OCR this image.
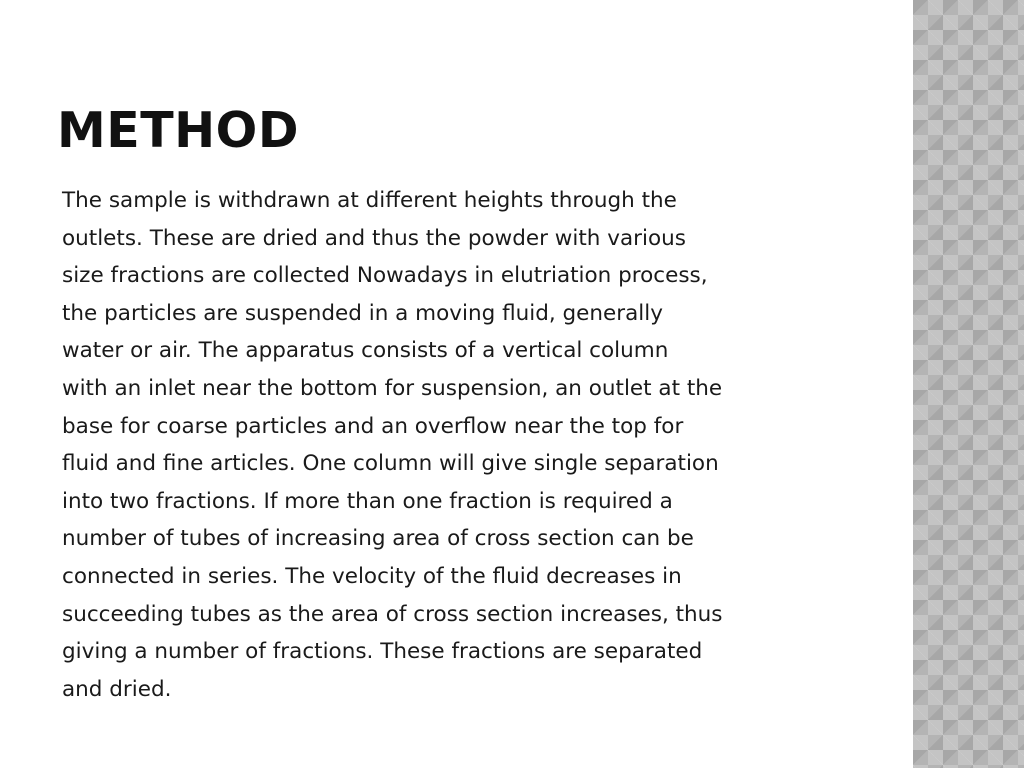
METHOD
The sample is withdrawn at different heights through the
outlets. These are dried and thus the powder with various
size fractions are collected Nowadays in elutriation process,
the particles are suspended in a moving fluid, generally
water or air. The apparatus consists of a vertical column
with an inlet near the bottom for suspension, an outlet at the
base for coarse particles and an overflow near the top for
fluid and fine articles. One column will give single separation
into two fractions. If more than one fraction is required a
number of tubes of increasing area of cross section can be
connected in series. The velocity of the fluid decreases in
succeeding tubes as the area of cross section increases, thus
giving a number of fractions. These fractions are separated
and dried.
